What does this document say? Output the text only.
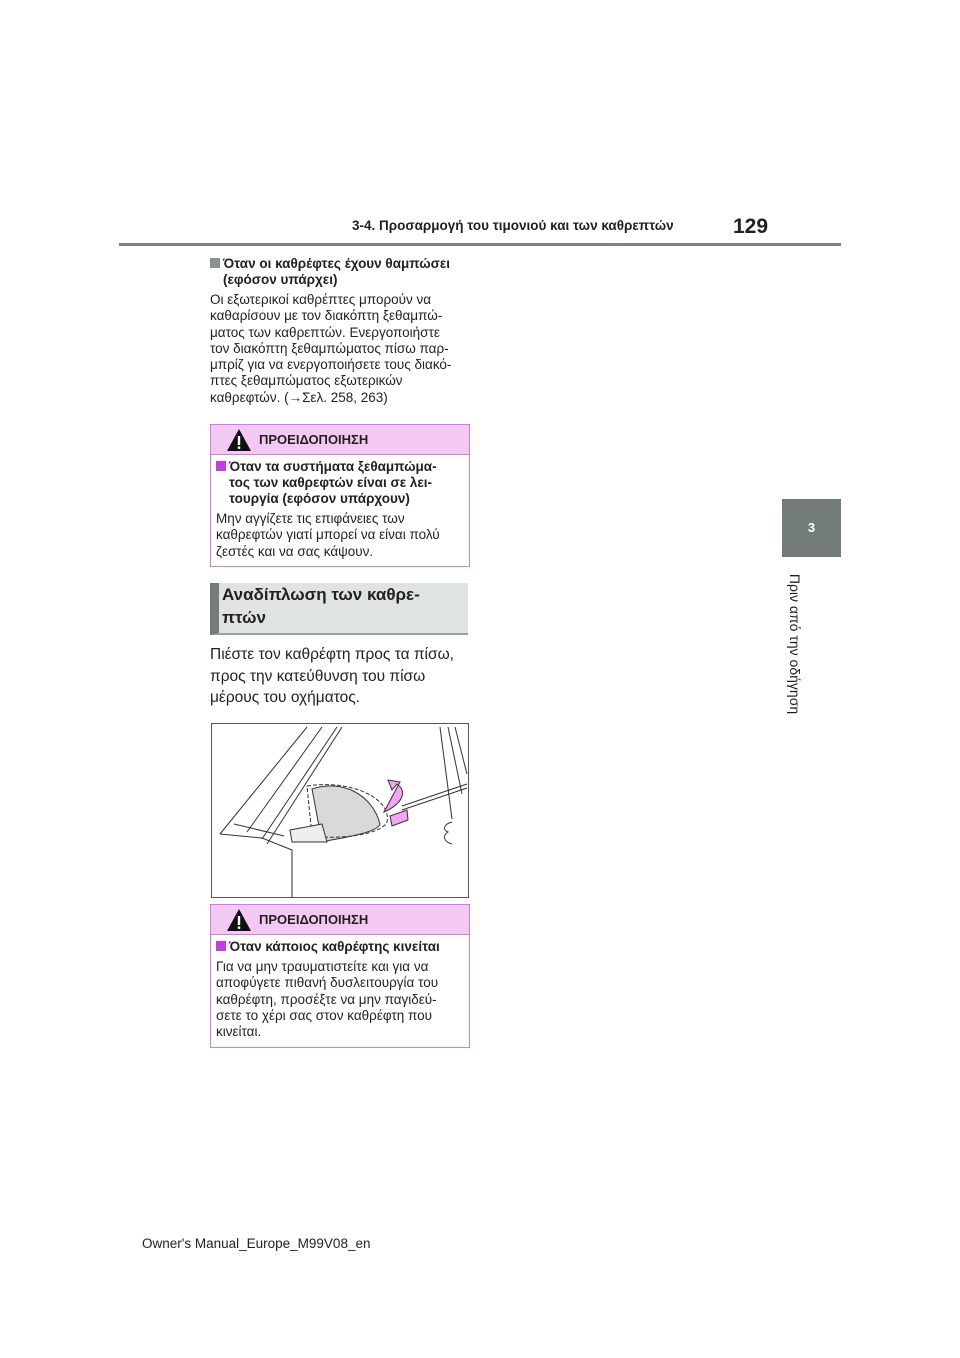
3-4. Προσαρμογή του τιμονιού και των καθρεπτών	129
3
Πριν από την οδήγηση
Όταν οι καθρέφτες έχουν θαμπώσει
(εφόσον υπάρχει)
Οι εξωτερικοί καθρέπτες μπορούν να
καθαρίσουν με τον διακόπτη ξεθαμπώ-
ματος των καθρεπτών. Ενεργοποιήστε
τον διακόπτη ξεθαμπώματος πίσω παρ-
μπρίζ για να ενεργοποιήσετε τους διακό-
πτες ξεθαμπώματος εξωτερικών
καθρεφτών. (→Σελ. 258, 263)
ΠΡΟΕΙΔΟΠΟΙΗΣΗ
Όταν τα συστήματα ξεθαμπώμα-
τος των καθρεφτών είναι σε λει-
τουργία (εφόσον υπάρχουν)
Μην αγγίζετε τις επιφάνειες των
καθρεφτών γιατί μπορεί να είναι πολύ
ζεστές και να σας κάψουν.
Αναδίπλωση των καθρε-
πτών
Πιέστε τον καθρέφτη προς τα πίσω,
προς την κατεύθυνση του πίσω
μέρους του οχήματος.
ΠΡΟΕΙΔΟΠΟΙΗΣΗ
Όταν κάποιος καθρέφτης κινείται
Για να μην τραυματιστείτε και για να
αποφύγετε πιθανή δυσλειτουργία του
καθρέφτη, προσέξτε να μην παγιδεύ-
σετε το χέρι σας στον καθρέφτη που
κινείται.
Owner's Manual_Europe_M99V08_en
